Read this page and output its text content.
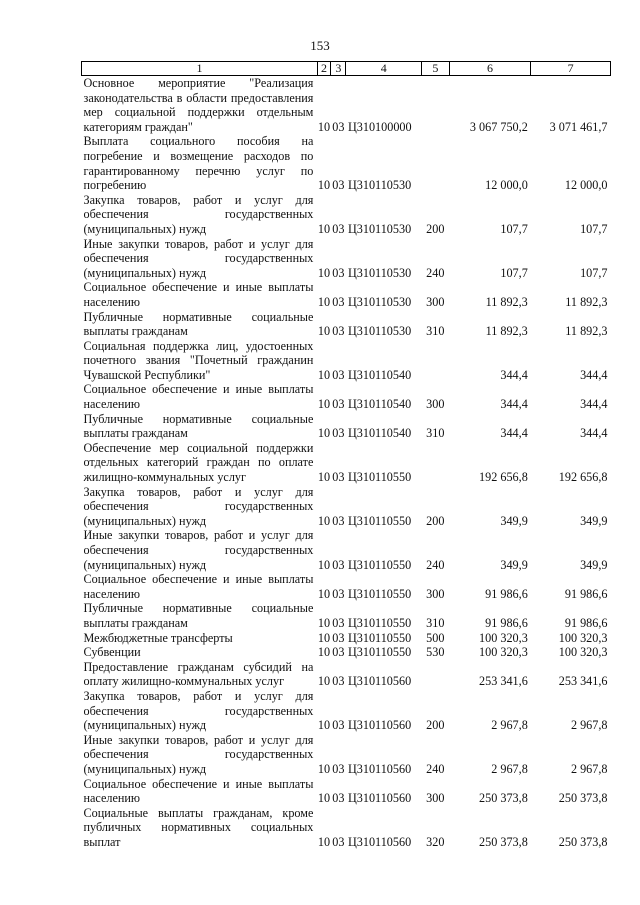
153
1	2	3	4	5	6	7
Основное мероприятие "Реализация законодательства в области предоставления мер социальной поддержки отдельным категориям граждан"	10	03	Ц310100000		3 067 750,2	3 071 461,7
Выплата социального пособия на погребение и возмещение расходов по гарантированному перечню услуг по погребению	10	03	Ц310110530		12 000,0	12 000,0
Закупка товаров, работ и услуг для обеспечения государственных (муниципальных) нужд	10	03	Ц310110530	200	107,7	107,7
Иные закупки товаров, работ и услуг для обеспечения государственных (муниципальных) нужд	10	03	Ц310110530	240	107,7	107,7
Социальное обеспечение и иные выплаты населению	10	03	Ц310110530	300	11 892,3	11 892,3
Публичные нормативные социальные выплаты гражданам	10	03	Ц310110530	310	11 892,3	11 892,3
Социальная поддержка лиц, удостоенных почетного звания "Почетный гражданин Чувашской Республики"	10	03	Ц310110540		344,4	344,4
Социальное обеспечение и иные выплаты населению	10	03	Ц310110540	300	344,4	344,4
Публичные нормативные социальные выплаты гражданам	10	03	Ц310110540	310	344,4	344,4
Обеспечение мер социальной поддержки отдельных категорий граждан по оплате жилищно-коммунальных услуг	10	03	Ц310110550		192 656,8	192 656,8
Закупка товаров, работ и услуг для обеспечения государственных (муниципальных) нужд	10	03	Ц310110550	200	349,9	349,9
Иные закупки товаров, работ и услуг для обеспечения государственных (муниципальных) нужд	10	03	Ц310110550	240	349,9	349,9
Социальное обеспечение и иные выплаты населению	10	03	Ц310110550	300	91 986,6	91 986,6
Публичные нормативные социальные выплаты гражданам	10	03	Ц310110550	310	91 986,6	91 986,6
Межбюджетные трансферты	10	03	Ц310110550	500	100 320,3	100 320,3
Субвенции	10	03	Ц310110550	530	100 320,3	100 320,3
Предоставление гражданам субсидий на оплату жилищно-коммунальных услуг	10	03	Ц310110560		253 341,6	253 341,6
Закупка товаров, работ и услуг для обеспечения государственных (муниципальных) нужд	10	03	Ц310110560	200	2 967,8	2 967,8
Иные закупки товаров, работ и услуг для обеспечения государственных (муниципальных) нужд	10	03	Ц310110560	240	2 967,8	2 967,8
Социальное обеспечение и иные выплаты населению	10	03	Ц310110560	300	250 373,8	250 373,8
Социальные выплаты гражданам, кроме публичных нормативных социальных выплат	10	03	Ц310110560	320	250 373,8	250 373,8
